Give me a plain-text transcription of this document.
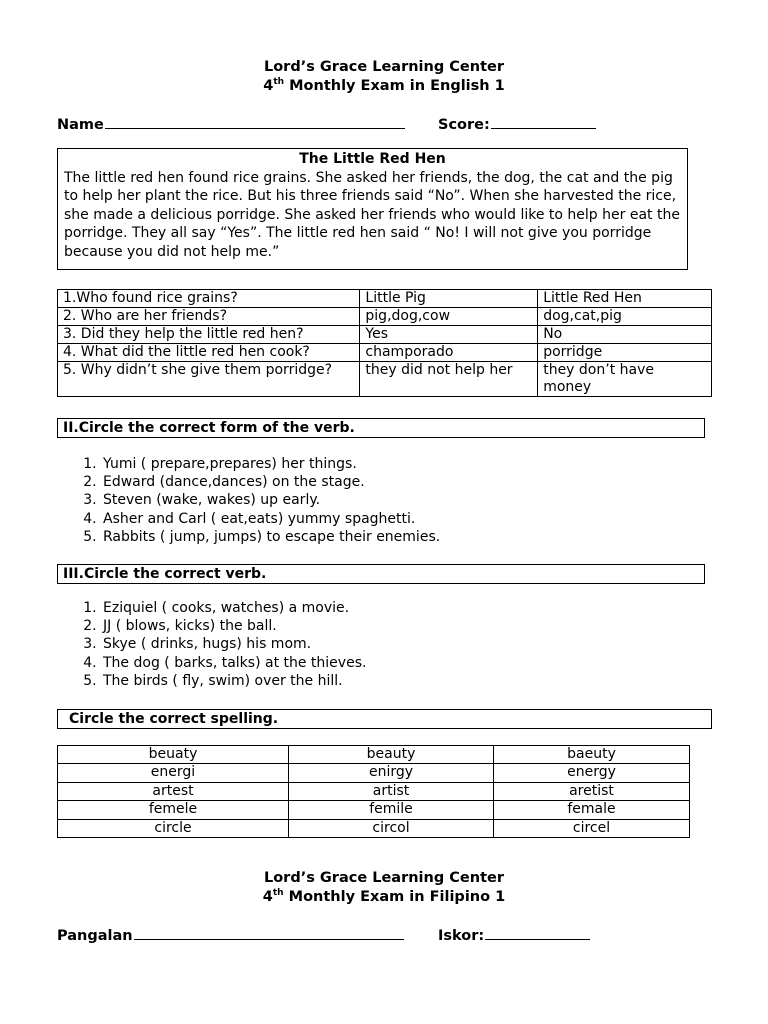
Lord’s Grace Learning Center
4th Monthly Exam in English 1
Name	Score:
The Little Red Hen
The little red hen found rice grains. She asked her friends, the dog, the cat and the pig to help her plant the rice. But his three friends said “No”. When she harvested the rice, she made a delicious porridge. She asked her friends who would like to help her eat the porridge. They all say “Yes”. The little red hen said “ No! I will not give you porridge because you did not help me.”
1.Who found rice grains?	Little Pig	Little Red Hen
2. Who are her friends?	pig,dog,cow	dog,cat,pig
3. Did they help the little red hen?	Yes	No
4. What did the little red hen cook?	champorado	porridge
5. Why didn’t she give them porridge?	they did not help her	they don’t have money
II.Circle the correct form of the verb.
1. Yumi ( prepare,prepares) her things.
2. Edward (dance,dances) on the stage.
3. Steven (wake, wakes) up early.
4. Asher and Carl ( eat,eats) yummy spaghetti.
5. Rabbits ( jump, jumps) to escape their enemies.
III.Circle the correct verb.
1. Eziquiel ( cooks, watches) a movie.
2. JJ ( blows, kicks) the ball.
3. Skye ( drinks, hugs) his mom.
4. The dog ( barks, talks) at the thieves.
5. The birds ( fly, swim) over the hill.
Circle the correct spelling.
beuaty	beauty	baeuty
energi	enirgy	energy
artest	artist	aretist
femele	femile	female
circle	circol	circel
Lord’s Grace Learning Center
4th Monthly Exam in Filipino 1
Pangalan	Iskor:
